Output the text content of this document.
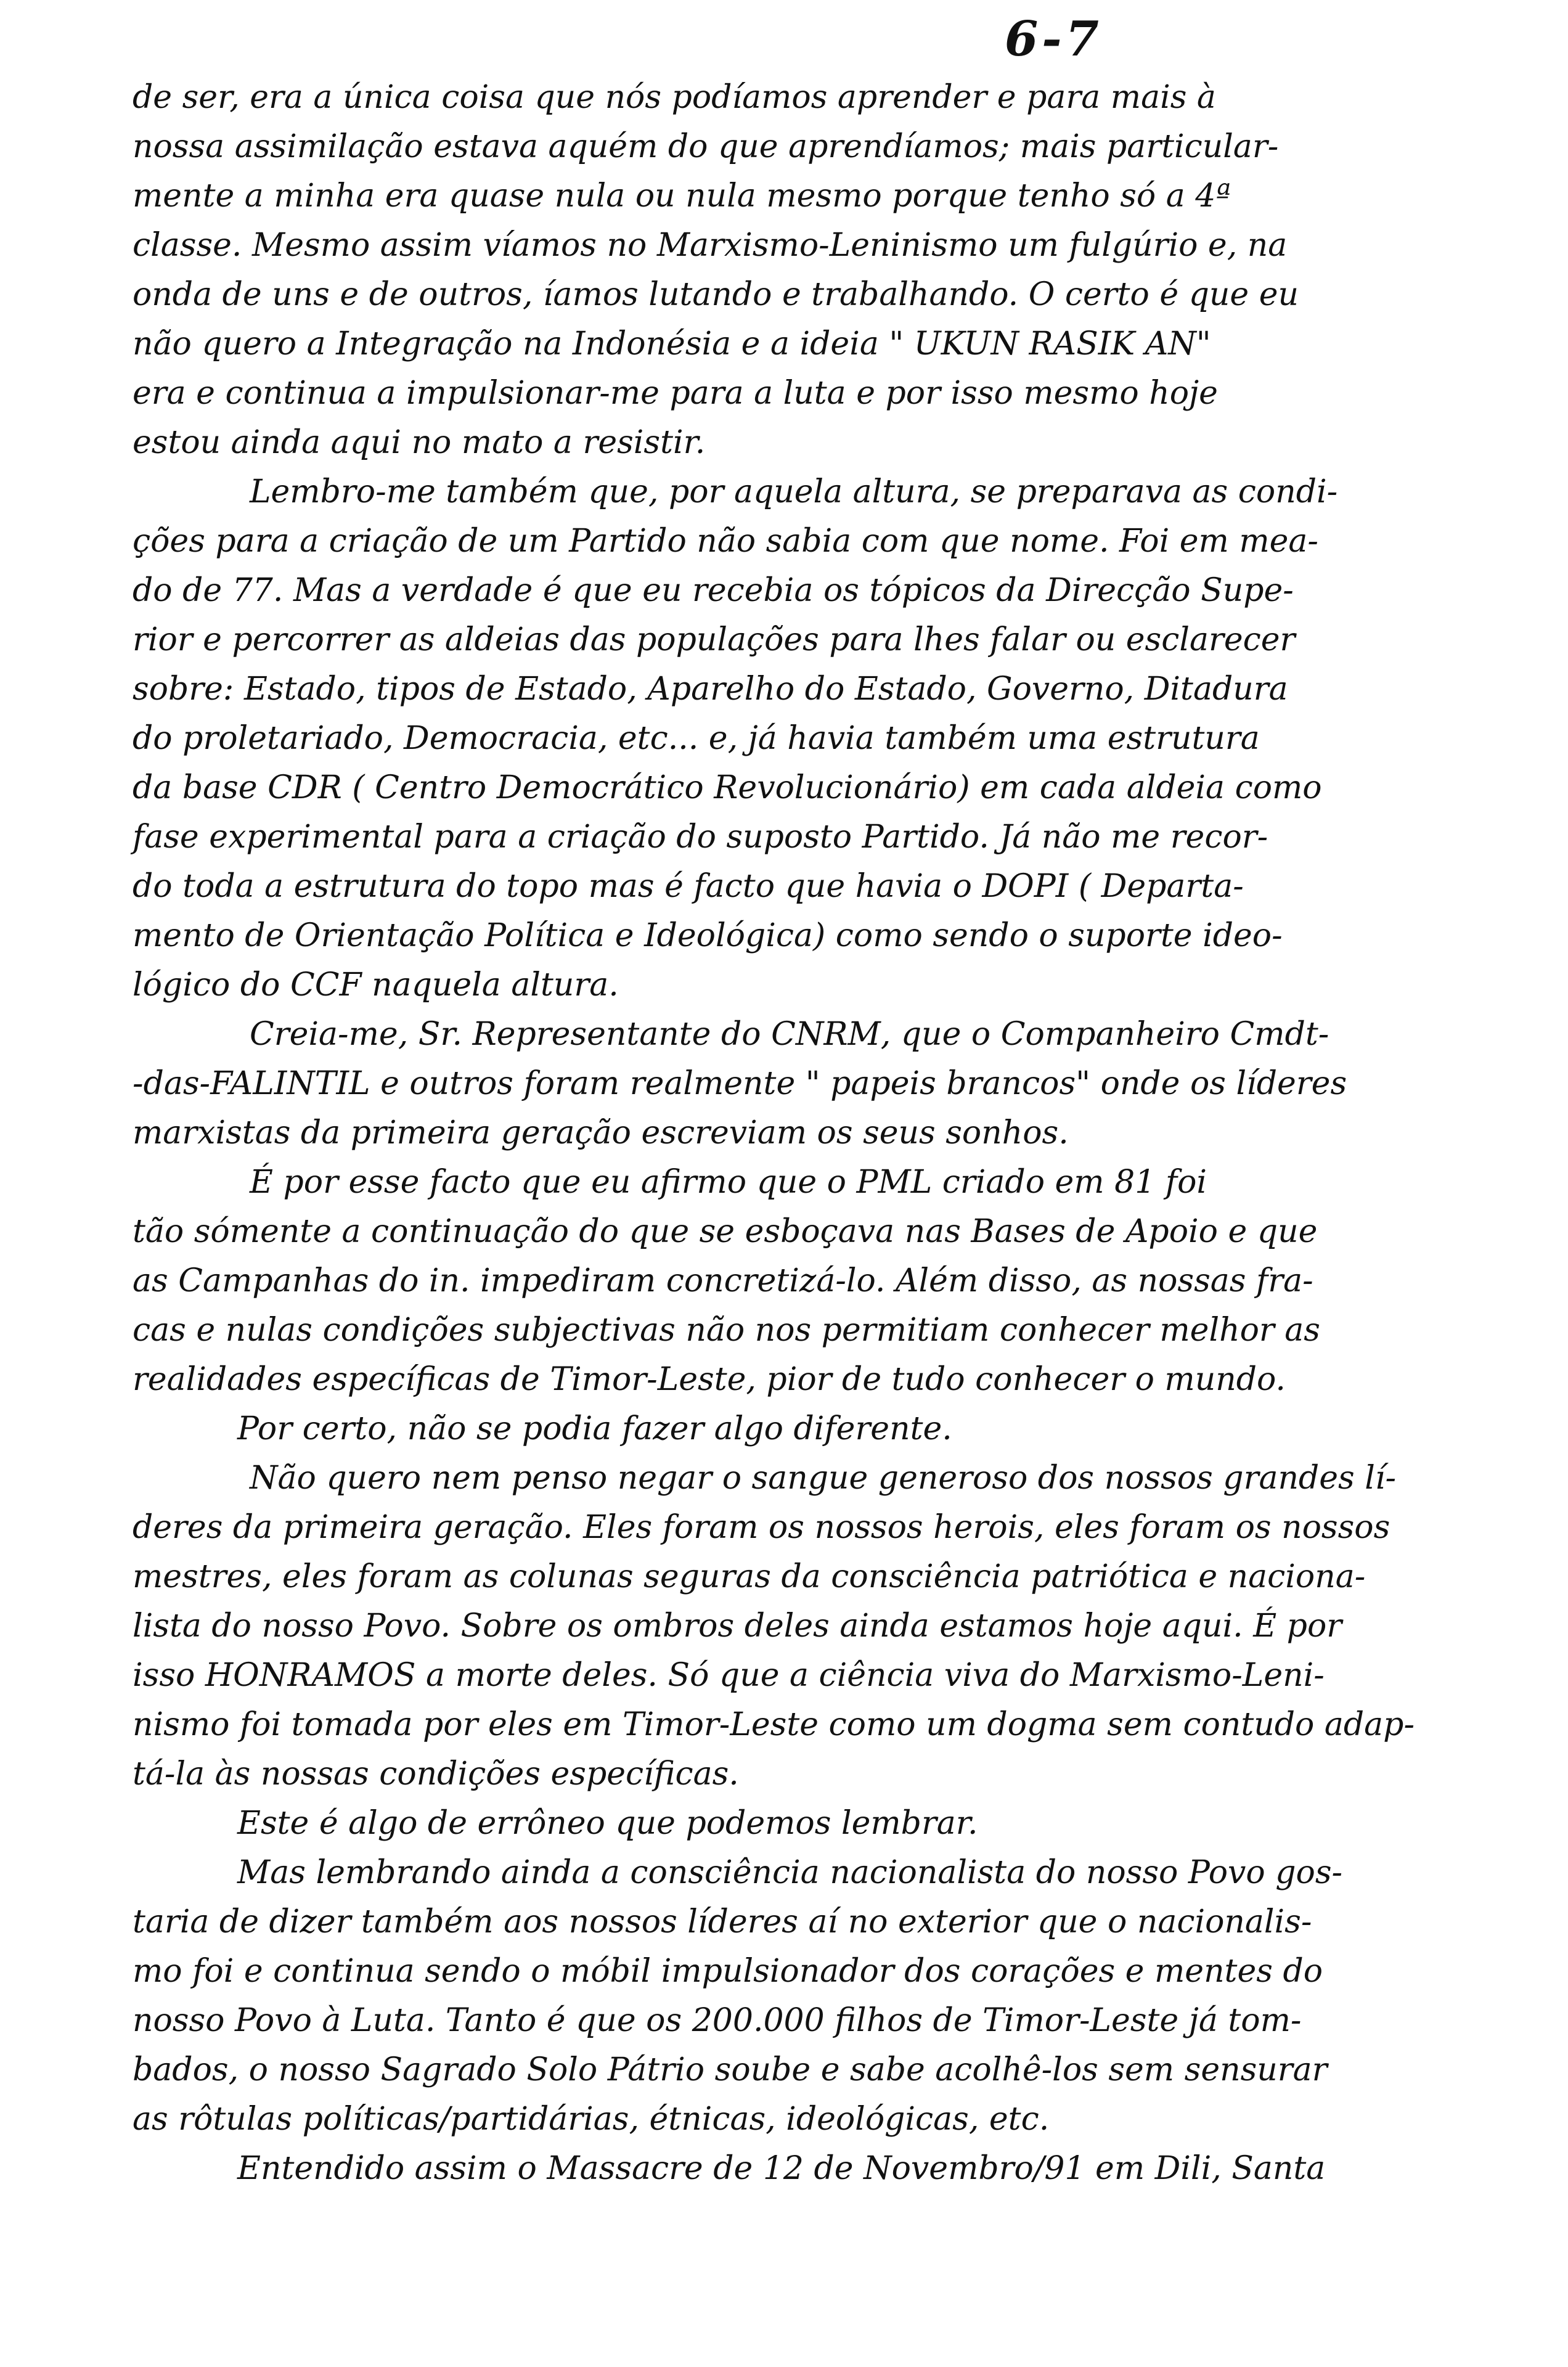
6-7
de ser, era a única coisa que nós podíamos aprender e para mais à
nossa assimilação estava aquém do que aprendíamos; mais particular-
mente a minha era quase nula ou nula mesmo porque tenho só a 4ª
classe. Mesmo assim víamos no Marxismo-Leninismo um fulgúrio e, na
onda de uns e de outros, íamos lutando e trabalhando. O certo é que eu
não quero a Integração na Indonésia e a ideia " UKUN RASIK AN"
era e continua a impulsionar-me para a luta e por isso mesmo hoje
estou ainda aqui no mato a resistir.
Lembro-me também que, por aquela altura, se preparava as condi-
ções para a criação de um Partido não sabia com que nome. Foi em mea-
do de 77. Mas a verdade é que eu recebia os tópicos da Direcção Supe-
rior e percorrer as aldeias das populações para lhes falar ou esclarecer
sobre: Estado, tipos de Estado, Aparelho do Estado, Governo, Ditadura
do proletariado, Democracia, etc... e, já havia também uma estrutura
da base CDR ( Centro Democrático Revolucionário) em cada aldeia como
fase experimental para a criação do suposto Partido. Já não me recor-
do toda a estrutura do topo mas é facto que havia o DOPI ( Departa-
mento de Orientação Política e Ideológica) como sendo o suporte ideo-
lógico do CCF naquela altura.
Creia-me, Sr. Representante do CNRM, que o Companheiro Cmdt-
-das-FALINTIL e outros foram realmente " papeis brancos" onde os líderes
marxistas da primeira geração escreviam os seus sonhos.
É por esse facto que eu afirmo que o PML criado em 81 foi
tão sómente a continuação do que se esboçava nas Bases de Apoio e que
as Campanhas do in. impediram concretizá-lo. Além disso, as nossas fra-
cas e nulas condições subjectivas não nos permitiam conhecer melhor as
realidades específicas de Timor-Leste, pior de tudo conhecer o mundo.
Por certo, não se podia fazer algo diferente.
Não quero nem penso negar o sangue generoso dos nossos grandes lí-
deres da primeira geração. Eles foram os nossos herois, eles foram os nossos
mestres, eles foram as colunas seguras da consciência patriótica e naciona-
lista do nosso Povo. Sobre os ombros deles ainda estamos hoje aqui. É por
isso HONRAMOS a morte deles. Só que a ciência viva do Marxismo-Leni-
nismo foi tomada por eles em Timor-Leste como um dogma sem contudo adap-
tá-la às nossas condições específicas.
Este é algo de errôneo que podemos lembrar.
Mas lembrando ainda a consciência nacionalista do nosso Povo gos-
taria de dizer também aos nossos líderes aí no exterior que o nacionalis-
mo foi e continua sendo o móbil impulsionador dos corações e mentes do
nosso Povo à Luta. Tanto é que os 200.000 filhos de Timor-Leste já tom-
bados, o nosso Sagrado Solo Pátrio soube e sabe acolhê-los sem sensurar
as rôtulas políticas/partidárias, étnicas, ideológicas, etc.
Entendido assim o Massacre de 12 de Novembro/91 em Dili, Santa
